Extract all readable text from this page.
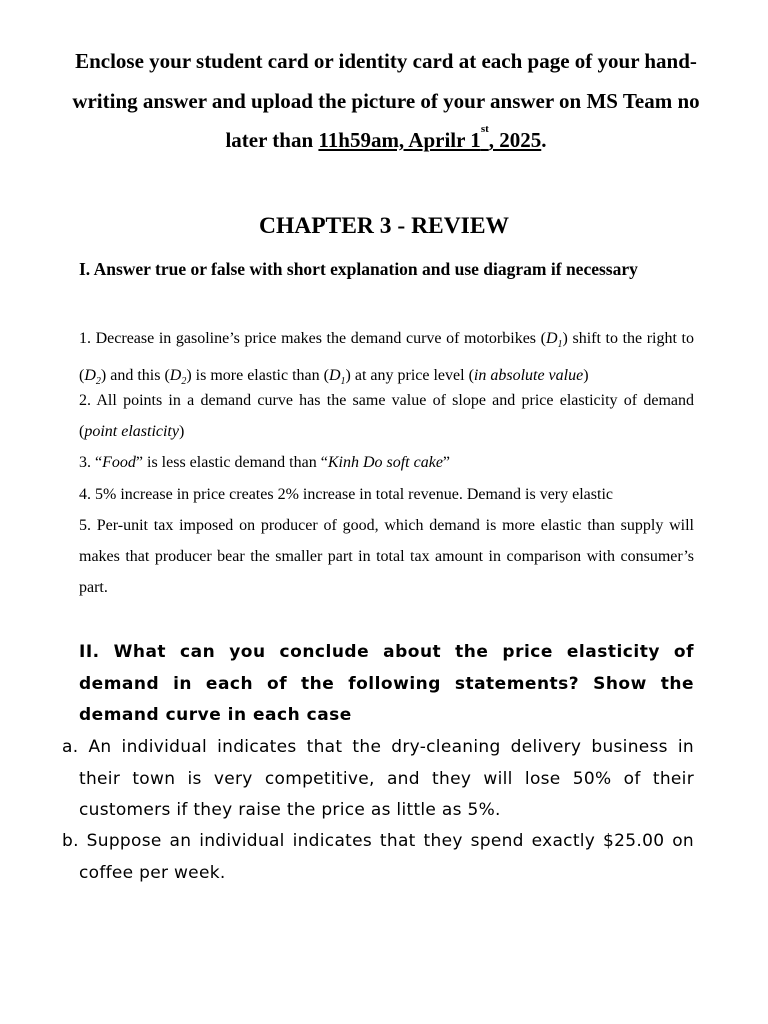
Enclose your student card or identity card at each page of your hand-writing answer and upload the picture of your answer on MS Team no later than 11h59am, Aprilr 1st, 2025.
CHAPTER 3 - REVIEW
I. Answer true or false with short explanation and use diagram if necessary
1. Decrease in gasoline’s price makes the demand curve of motorbikes $(D_1)$ shift to the right to $(D_2)$ and this $(D_2)$ is more elastic than $(D_1)$ at any price level (in absolute value)
2. All points in a demand curve has the same value of slope and price elasticity of demand (point elasticity)
3. “Food” is less elastic demand than “Kinh Do soft cake”
4. 5% increase in price creates 2% increase in total revenue. Demand is very elastic
5. Per-unit tax imposed on producer of good, which demand is more elastic than supply will makes that producer bear the smaller part in total tax amount in comparison with consumer’s part.
II. What can you conclude about the price elasticity of demand in each of the following statements? Show the demand curve in each case
a. An individual indicates that the dry-cleaning delivery business in their town is very competitive, and they will lose 50% of their customers if they raise the price as little as 5%.
b. Suppose an individual indicates that they spend exactly $25.00 on coffee per week.
